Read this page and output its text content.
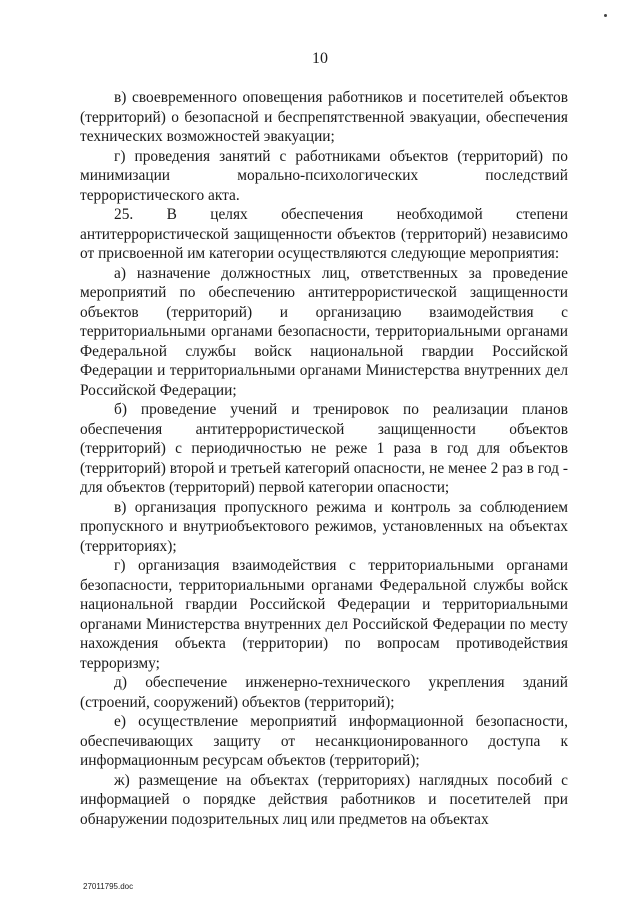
10

в) своевременного оповещения работников и посетителей объектов (территорий) о безопасной и беспрепятственной эвакуации, обеспечения технических возможностей эвакуации;

г) проведения занятий с работниками объектов (территорий) по минимизации морально-психологических последствий террористического акта.

25. В целях обеспечения необходимой степени антитеррористической защищенности объектов (территорий) независимо от присвоенной им категории осуществляются следующие мероприятия:

а) назначение должностных лиц, ответственных за проведение мероприятий по обеспечению антитеррористической защищенности объектов (территорий) и организацию взаимодействия с территориальными органами безопасности, территориальными органами Федеральной службы войск национальной гвардии Российской Федерации и территориальными органами Министерства внутренних дел Российской Федерации;

б) проведение учений и тренировок по реализации планов обеспечения антитеррористической защищенности объектов (территорий) с периодичностью не реже 1 раза в год для объектов (территорий) второй и третьей категорий опасности, не менее 2 раз в год - для объектов (территорий) первой категории опасности;

в) организация пропускного режима и контроль за соблюдением пропускного и внутриобъектового режимов, установленных на объектах (территориях);

г) организация взаимодействия с территориальными органами безопасности, территориальными органами Федеральной службы войск национальной гвардии Российской Федерации и территориальными органами Министерства внутренних дел Российской Федерации по месту нахождения объекта (территории) по вопросам противодействия терроризму;

д) обеспечение инженерно-технического укрепления зданий (строений, сооружений) объектов (территорий);

е) осуществление мероприятий информационной безопасности, обеспечивающих защиту от несанкционированного доступа к информационным ресурсам объектов (территорий);

ж) размещение на объектах (территориях) наглядных пособий с информацией о порядке действия работников и посетителей при обнаружении подозрительных лиц или предметов на объектах

27011795.doc
